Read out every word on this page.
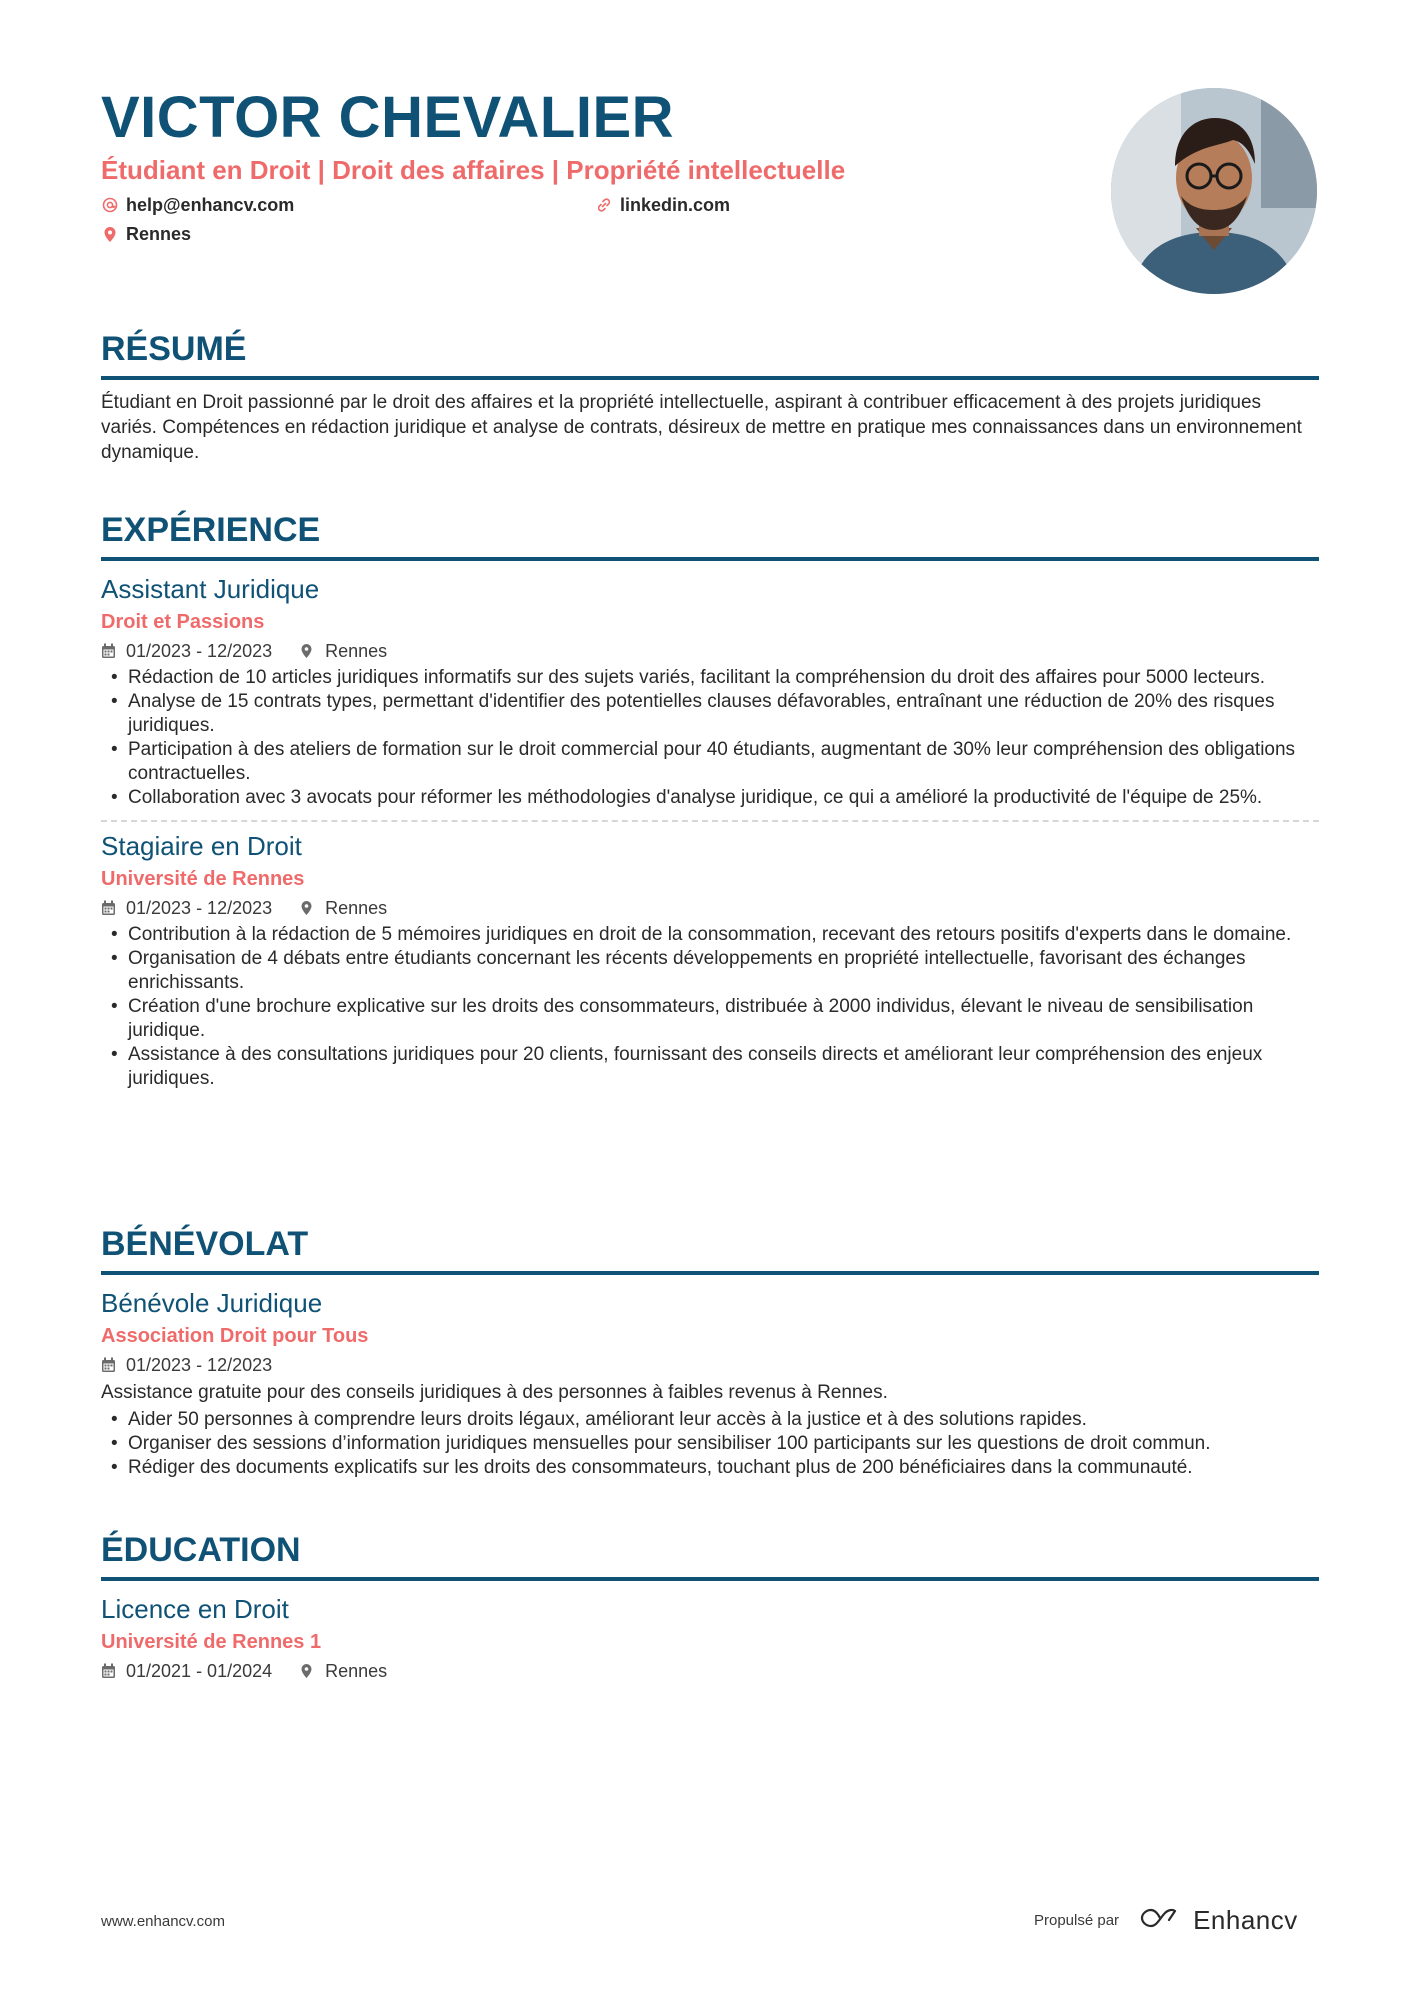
VICTOR CHEVALIER
Étudiant en Droit | Droit des affaires | Propriété intellectuelle
help@enhancv.com	linkedin.com
Rennes
RÉSUMÉ
Étudiant en Droit passionné par le droit des affaires et la propriété intellectuelle, aspirant à contribuer efficacement à des projets juridiques variés. Compétences en rédaction juridique et analyse de contrats, désireux de mettre en pratique mes connaissances dans un environnement dynamique.
EXPÉRIENCE
Assistant Juridique
Droit et Passions
01/2023 - 12/2023	Rennes
• Rédaction de 10 articles juridiques informatifs sur des sujets variés, facilitant la compréhension du droit des affaires pour 5000 lecteurs.
• Analyse de 15 contrats types, permettant d'identifier des potentielles clauses défavorables, entraînant une réduction de 20% des risques juridiques.
• Participation à des ateliers de formation sur le droit commercial pour 40 étudiants, augmentant de 30% leur compréhension des obligations contractuelles.
• Collaboration avec 3 avocats pour réformer les méthodologies d'analyse juridique, ce qui a amélioré la productivité de l'équipe de 25%.
Stagiaire en Droit
Université de Rennes
01/2023 - 12/2023	Rennes
• Contribution à la rédaction de 5 mémoires juridiques en droit de la consommation, recevant des retours positifs d'experts dans le domaine.
• Organisation de 4 débats entre étudiants concernant les récents développements en propriété intellectuelle, favorisant des échanges enrichissants.
• Création d'une brochure explicative sur les droits des consommateurs, distribuée à 2000 individus, élevant le niveau de sensibilisation juridique.
• Assistance à des consultations juridiques pour 20 clients, fournissant des conseils directs et améliorant leur compréhension des enjeux juridiques.
BÉNÉVOLAT
Bénévole Juridique
Association Droit pour Tous
01/2023 - 12/2023
Assistance gratuite pour des conseils juridiques à des personnes à faibles revenus à Rennes.
• Aider 50 personnes à comprendre leurs droits légaux, améliorant leur accès à la justice et à des solutions rapides.
• Organiser des sessions d’information juridiques mensuelles pour sensibiliser 100 participants sur les questions de droit commun.
• Rédiger des documents explicatifs sur les droits des consommateurs, touchant plus de 200 bénéficiaires dans la communauté.
ÉDUCATION
Licence en Droit
Université de Rennes 1
01/2021 - 01/2024	Rennes
www.enhancv.com	Propulsé par	Enhancv
